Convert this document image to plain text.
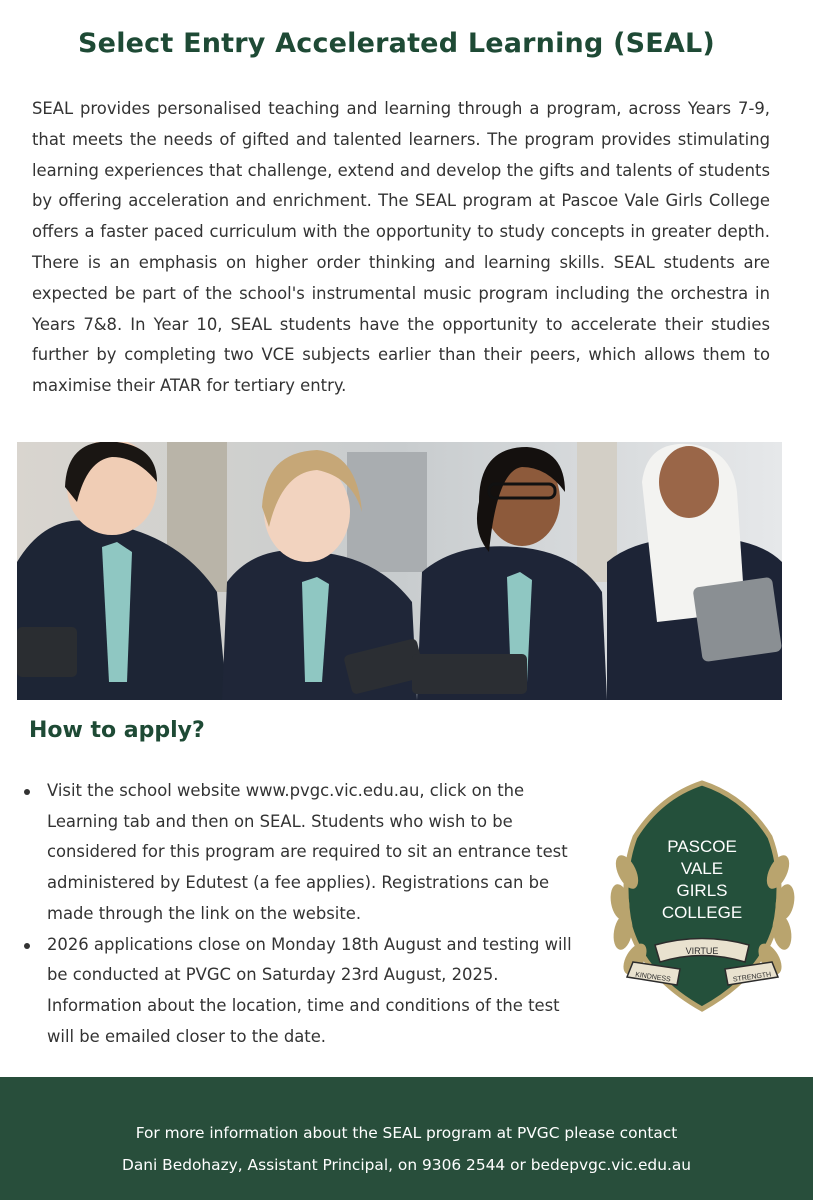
Select Entry Accelerated Learning (SEAL)

SEAL provides personalised teaching and learning through a program, across Years 7-9, that meets the needs of gifted and talented learners. The program provides stimulating learning experiences that challenge, extend and develop the gifts and talents of students by offering acceleration and enrichment. The SEAL program at Pascoe Vale Girls College offers a faster paced curriculum with the opportunity to study concepts in greater depth. There is an emphasis on higher order thinking and learning skills. SEAL students are expected be part of the school's instrumental music program including the orchestra in Years 7&8. In Year 10, SEAL students have the opportunity to accelerate their studies further by completing two VCE subjects earlier than their peers, which allows them to maximise their ATAR for tertiary entry.

How to apply?
Visit the school website www.pvgc.vic.edu.au, click on the Learning tab and then on SEAL. Students who wish to be considered for this program are required to sit an entrance test administered by Edutest (a fee applies). Registrations can be made through the link on the website.
2026 applications close on Monday 18th August and testing will be conducted at PVGC on Saturday 23rd August, 2025. Information about the location, time and conditions of the test will be emailed closer to the date.
PASCOE
VALE
GIRLS
COLLEGE
VIRTUE
KINDNESS	STRENGTH
For more information about the SEAL program at PVGC please contact
Dani Bedohazy, Assistant Principal, on 9306 2544 or bedepvgc.vic.edu.au
